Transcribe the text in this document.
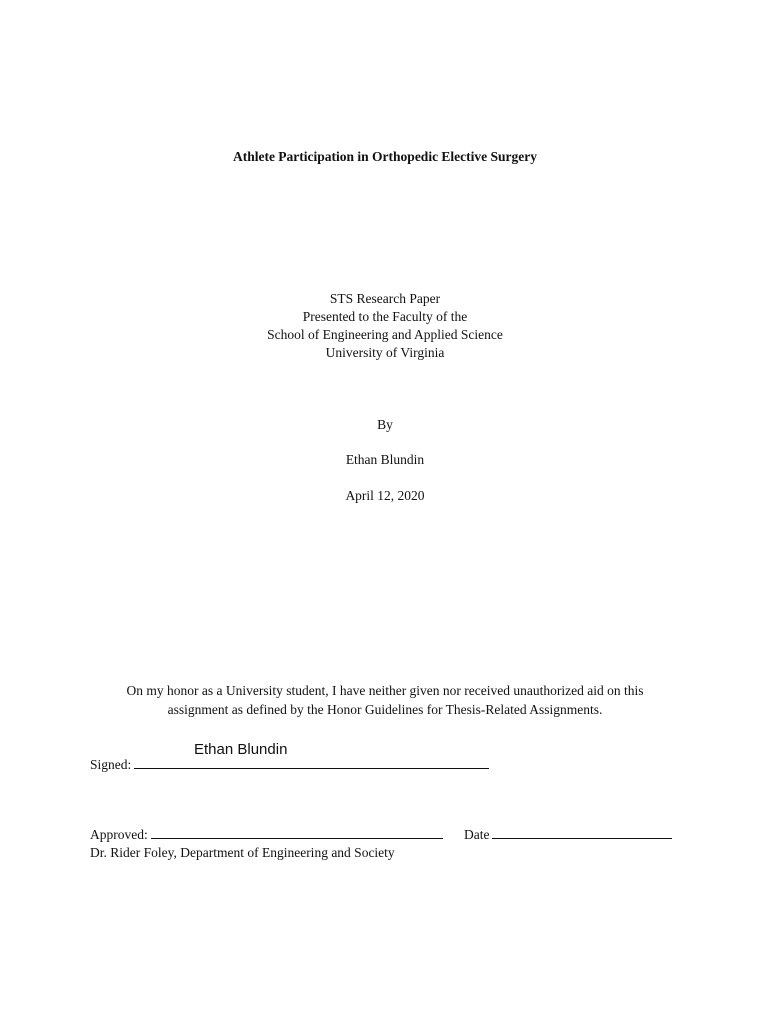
Athlete Participation in Orthopedic Elective Surgery
STS Research Paper
Presented to the Faculty of the
School of Engineering and Applied Science
University of Virginia
By
Ethan Blundin
April 12, 2020
On my honor as a University student, I have neither given nor received unauthorized aid on this
assignment as defined by the Honor Guidelines for Thesis-Related Assignments.
Ethan Blundin
Signed:
Approved:	Date
Dr. Rider Foley, Department of Engineering and Society
